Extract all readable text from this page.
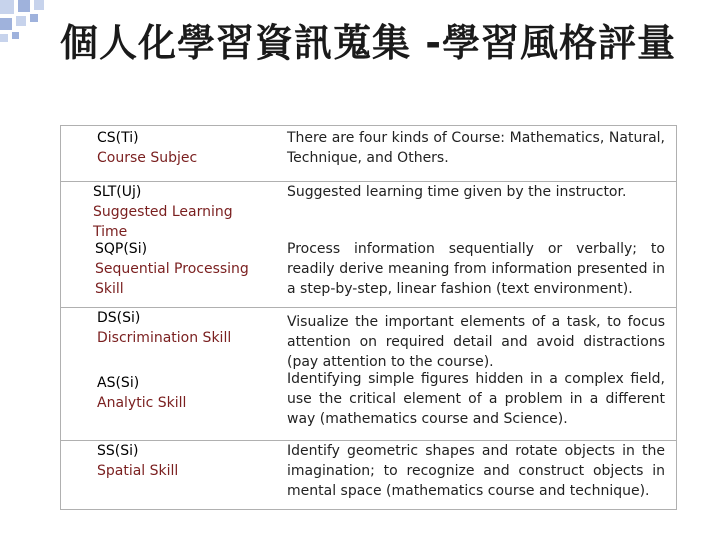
個人化學習資訊蒐集 -學習風格評量
CS(Ti)
Course Subjec
There are four kinds of Course: Mathematics, Natural, Technique, and Others.
SLT(Uj)
Suggested Learning Time
Suggested learning time given by the instructor.
SQP(Si)
Sequential Processing Skill
Process information sequentially or verbally; to readily derive meaning from information presented in a step-by-step, linear fashion (text environment).
DS(Si)
Discrimination Skill
Visualize the important elements of a task, to focus attention on required detail and avoid distractions (pay attention to the course).
AS(Si)
Analytic Skill
Identifying simple figures hidden in a complex field, use the critical element of a problem in a different way (mathematics course and Science).
SS(Si)
Spatial Skill
Identify geometric shapes and rotate objects in the imagination; to recognize and construct objects in mental space (mathematics course and technique).
